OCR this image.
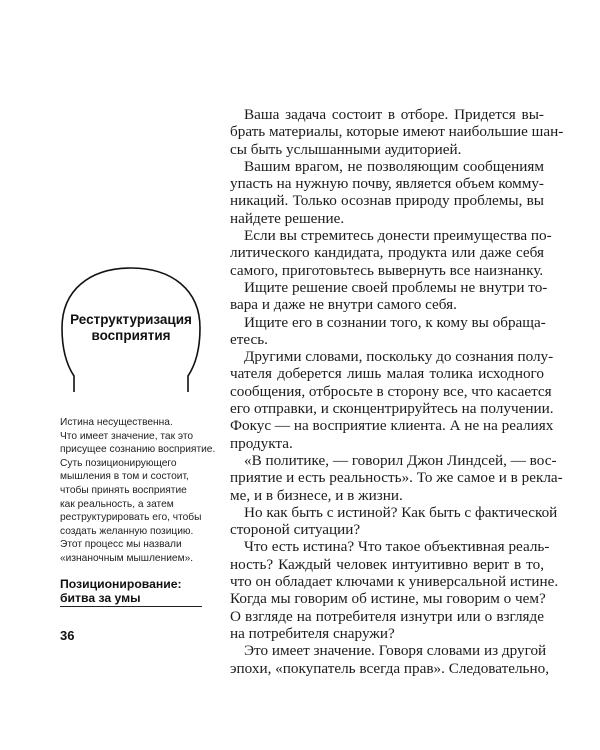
Реструктуризация
восприятия
Истина несущественна.
Что имеет значение, так это
присущее сознанию восприятие.
Суть позиционирующего
мышления в том и состоит,
чтобы принять восприятие
как реальность, а затем
реструктурировать его, чтобы
создать желанную позицию.
Этот процесс мы назвали
«изнаночным мышлением».
Позиционирование:
битва за умы
36
Ваша задача состоит в отборе. Придется вы-
брать материалы, которые имеют наибольшие шан-
сы быть услышанными аудиторией.
Вашим врагом, не позволяющим сообщениям
упасть на нужную почву, является объем комму-
никаций. Только осознав природу проблемы, вы
найдете решение.
Если вы стремитесь донести преимущества по-
литического кандидата, продукта или даже себя
самого, приготовьтесь вывернуть все наизнанку.
Ищите решение своей проблемы не внутри то-
вара и даже не внутри самого себя.
Ищите его в сознании того, к кому вы обраща-
етесь.
Другими словами, поскольку до сознания полу-
чателя доберется лишь малая толика исходного
сообщения, отбросьте в сторону все, что касается
его отправки, и сконцентрируйтесь на получении.
Фокус — на восприятие клиента. А не на реалиях
продукта.
«В политике, — говорил Джон Линдсей, — вос-
приятие и есть реальность». То же самое и в рекла-
ме, и в бизнесе, и в жизни.
Но как быть с истиной? Как быть с фактической
стороной ситуации?
Что есть истина? Что такое объективная реаль-
ность? Каждый человек интуитивно верит в то,
что он обладает ключами к универсальной истине.
Когда мы говорим об истине, мы говорим о чем?
О взгляде на потребителя изнутри или о взгляде
на потребителя снаружи?
Это имеет значение. Говоря словами из другой
эпохи, «покупатель всегда прав». Следовательно,
